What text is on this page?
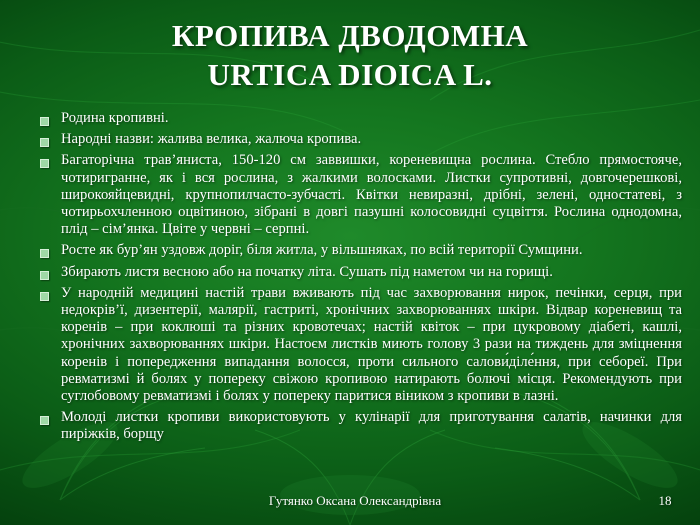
КРОПИВА ДВОДОМНА
URTICA DIOICA L.
Родина кропивні.
Народні назви: жалива велика, жалюча кропива.
Багаторічна трав’яниста, 150-120 см заввишки, кореневищна рослина. Стебло прямостояче, чотиригранне, як і вся рослина, з жалкими волосками. Листки супротивні, довгочерешкові, широкояйцевидні, крупнопилчасто-зубчасті. Квітки невиразні, дрібні, зелені, одностатеві, з чотирьохчленною оцвітиною, зібрані в довгі пазушні колосовидні суцвіття. Рослина однодомна, плід – сім’янка. Цвіте у червні – серпні.
Росте як бур’ян уздовж доріг, біля житла, у вільшняках, по всій території Сумщини.
Збирають листя весною або на початку літа. Сушать під наметом чи на горищі.
У народній медицині настій трави вживають під час захворювання нирок, печінки, серця, при недокрів’ї, дизентерії, малярії, гастриті, хронічних захворюваннях шкіри. Відвар кореневищ та коренів – при коклюші та різних кровотечах; настій квіток – при цукровому діабеті, кашлі, хронічних захворюваннях шкіри. Настоєм листків миють голову 3 рази на тиждень для зміцнення коренів і попередження випадання волосся, проти сильного салови́діле́ння, при себореї. При ревматизмі й болях у попереку свіжою кропивою натирають болючі місця. Рекомендують при суглобовому ревматизмі і болях у попереку паритися віником з кропиви в лазні.
Молоді листки кропиви використовують у кулінарії для приготування салатів, начинки для пиріжків, борщу
Гутянко Оксана Олександрівна	18
